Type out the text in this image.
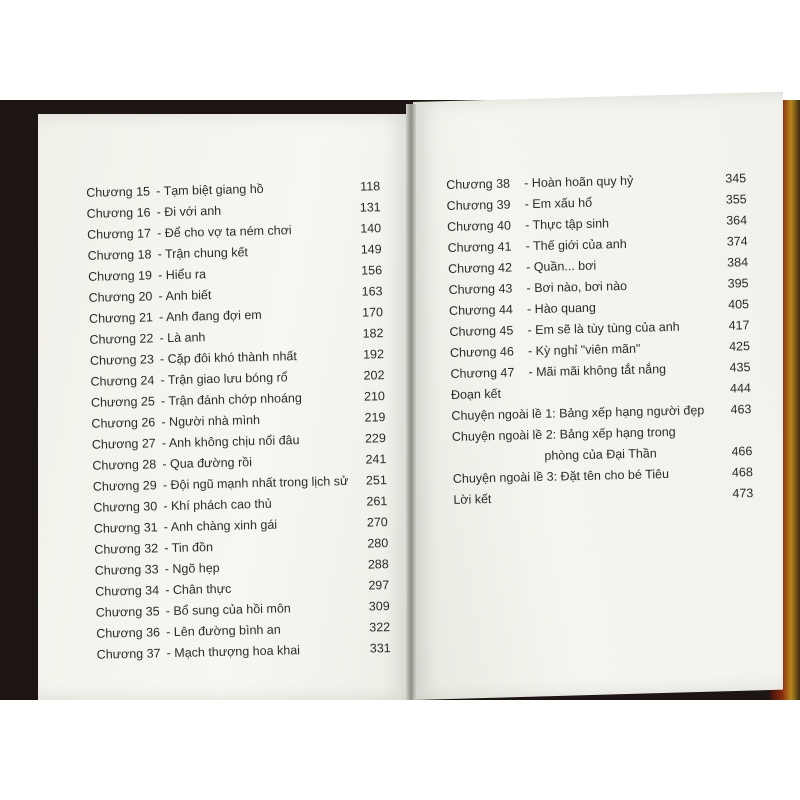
Chương 15 - Tạm biệt giang hồ	118
Chương 16 - Đi với anh	131
Chương 17 - Để cho vợ ta ném chơi	140
Chương 18 - Trận chung kết	149
Chương 19 - Hiểu ra	156
Chương 20 - Anh biết	163
Chương 21 - Anh đang đợi em	170
Chương 22 - Là anh	182
Chương 23 - Cặp đôi khó thành nhất	192
Chương 24 - Trận giao lưu bóng rổ	202
Chương 25 - Trận đánh chớp nhoáng	210
Chương 26 - Người nhà mình	219
Chương 27 - Anh không chịu nổi đâu	229
Chương 28 - Qua đường rồi	241
Chương 29 - Đội ngũ mạnh nhất trong lịch sử 251
Chương 30 - Khí phách cao thủ	261
Chương 31 - Anh chàng xinh gái	270
Chương 32 - Tin đồn	280
Chương 33 - Ngõ hẹp	288
Chương 34 - Chân thực	297
Chương 35 - Bổ sung của hồi môn	309
Chương 36 - Lên đường bình an	322
Chương 37 - Mạch thượng hoa khai	331
Chương 38 - Hoàn hoãn quy hỷ	345
Chương 39 - Em xấu hổ	355
Chương 40 - Thực tập sinh	364
Chương 41 - Thế giới của anh	374
Chương 42 - Quần... bơi	384
Chương 43 - Bơi nào, bơi nào	395
Chương 44 - Hào quang	405
Chương 45 - Em sẽ là tùy tùng của anh	417
Chương 46 - Kỳ nghỉ "viên mãn"	425
Chương 47 - Mãi mãi không tắt nắng	435
Đoạn kết	444
Chuyện ngoài lề 1: Bảng xếp hạng người đẹp 463
Chuyện ngoài lề 2: Bảng xếp hạng trong
phòng của Đại Thần	466
Chuyện ngoài lề 3: Đặt tên cho bé Tiêu	468
Lời kết	473
